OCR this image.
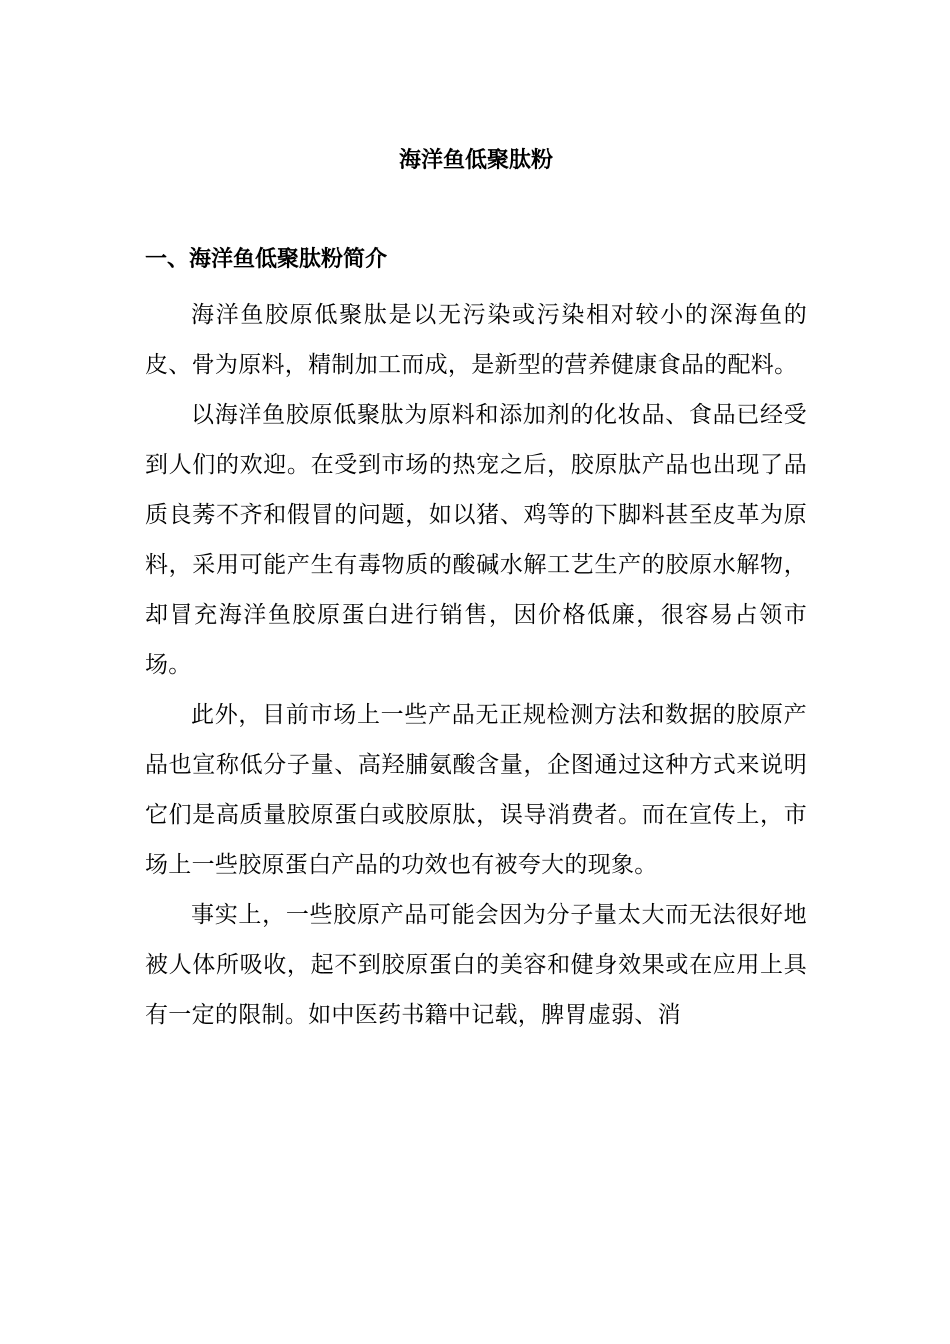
海洋鱼低聚肽粉
一、海洋鱼低聚肽粉简介

海洋鱼胶原低聚肽是以无污染或污染相对较小的深海鱼的皮、骨为原料，精制加工而成，是新型的营养健康食品的配料。

以海洋鱼胶原低聚肽为原料和添加剂的化妆品、食品已经受到人们的欢迎。在受到市场的热宠之后，胶原肽产品也出现了品质良莠不齐和假冒的问题，如以猪、鸡等的下脚料甚至皮革为原料，采用可能产生有毒物质的酸碱水解工艺生产的胶原水解物，却冒充海洋鱼胶原蛋白进行销售，因价格低廉，很容易占领市场。

此外，目前市场上一些产品无正规检测方法和数据的胶原产品也宣称低分子量、高羟脯氨酸含量，企图通过这种方式来说明它们是高质量胶原蛋白或胶原肽，误导消费者。而在宣传上，市场上一些胶原蛋白产品的功效也有被夸大的现象。

事实上，一些胶原产品可能会因为分子量太大而无法很好地被人体所吸收，起不到胶原蛋白的美容和健身效果或在应用上具有一定的限制。如中医药书籍中记载，脾胃虚弱、消
